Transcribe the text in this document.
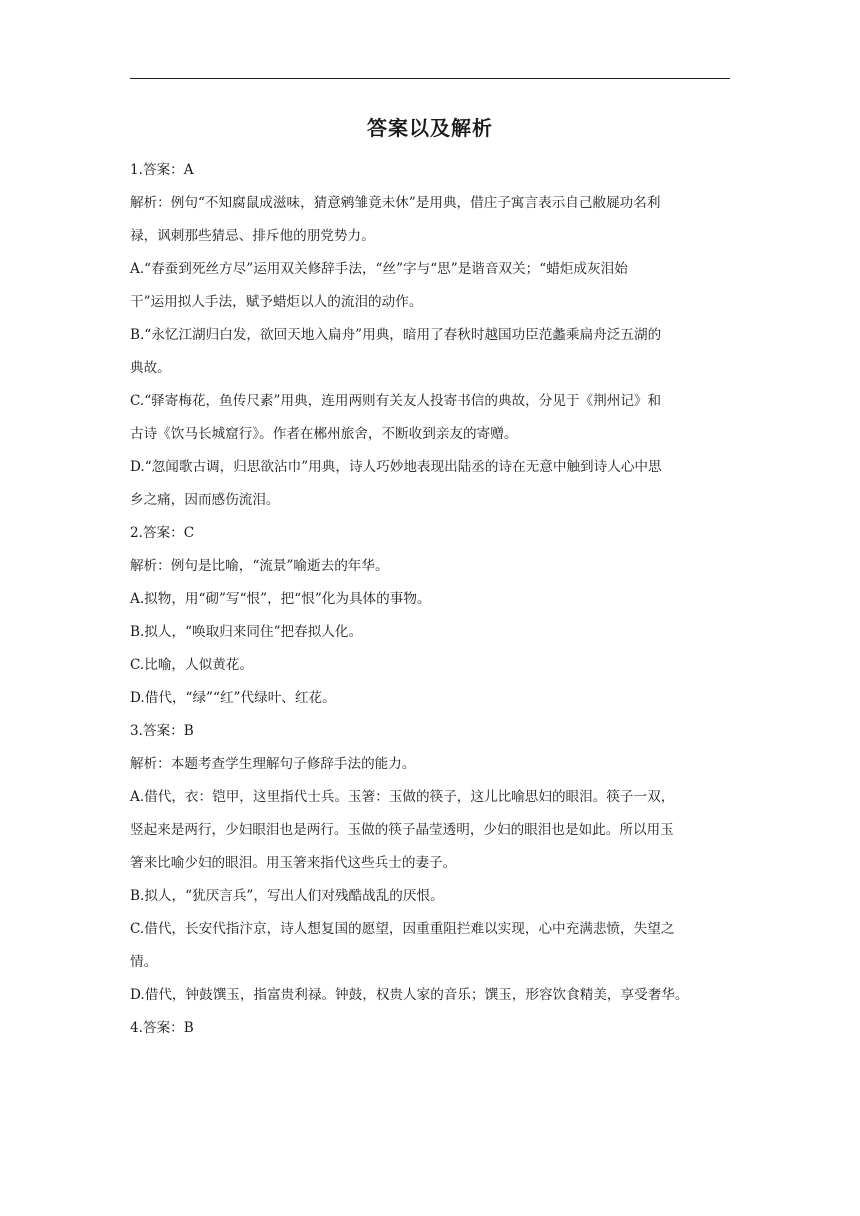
答案以及解析

1.答案：A

解析：例句“不知腐鼠成滋味，猜意鹓雏竟未休”是用典，借庄子寓言表示自己敝屣功名利
禄，讽刺那些猜忌、排斥他的朋党势力。

A.“春蚕到死丝方尽”运用双关修辞手法，“丝”字与“思”是谐音双关；“蜡炬成灰泪始
干”运用拟人手法，赋予蜡炬以人的流泪的动作。

B.“永忆江湖归白发，欲回天地入扁舟”用典，暗用了春秋时越国功臣范蠡乘扁舟泛五湖的
典故。

C.“驿寄梅花，鱼传尺素”用典，连用两则有关友人投寄书信的典故，分见于《荆州记》和
古诗《饮马长城窟行》。作者在郴州旅舍，不断收到亲友的寄赠。

D.“忽闻歌古调，归思欲沾巾”用典，诗人巧妙地表现出陆丞的诗在无意中触到诗人心中思
乡之痛，因而感伤流泪。

2.答案：C

解析：例句是比喻，“流景”喻逝去的年华。

A.拟物，用“砌”写“恨”，把“恨”化为具体的事物。

B.拟人，“唤取归来同住”把春拟人化。

C.比喻，人似黄花。

D.借代，“绿”“红”代绿叶、红花。

3.答案：B

解析：本题考查学生理解句子修辞手法的能力。

A.借代，衣：铠甲，这里指代士兵。玉箸：玉做的筷子，这儿比喻思妇的眼泪。筷子一双，
竖起来是两行，少妇眼泪也是两行。玉做的筷子晶莹透明，少妇的眼泪也是如此。所以用玉
箸来比喻少妇的眼泪。用玉箸来指代这些兵士的妻子。

B.拟人，“犹厌言兵”，写出人们对残酷战乱的厌恨。

C.借代，长安代指汴京，诗人想复国的愿望，因重重阻拦难以实现，心中充满悲愤，失望之
情。

D.借代，钟鼓馔玉，指富贵利禄。钟鼓，权贵人家的音乐；馔玉，形容饮食精美，享受奢华。

4.答案：B
